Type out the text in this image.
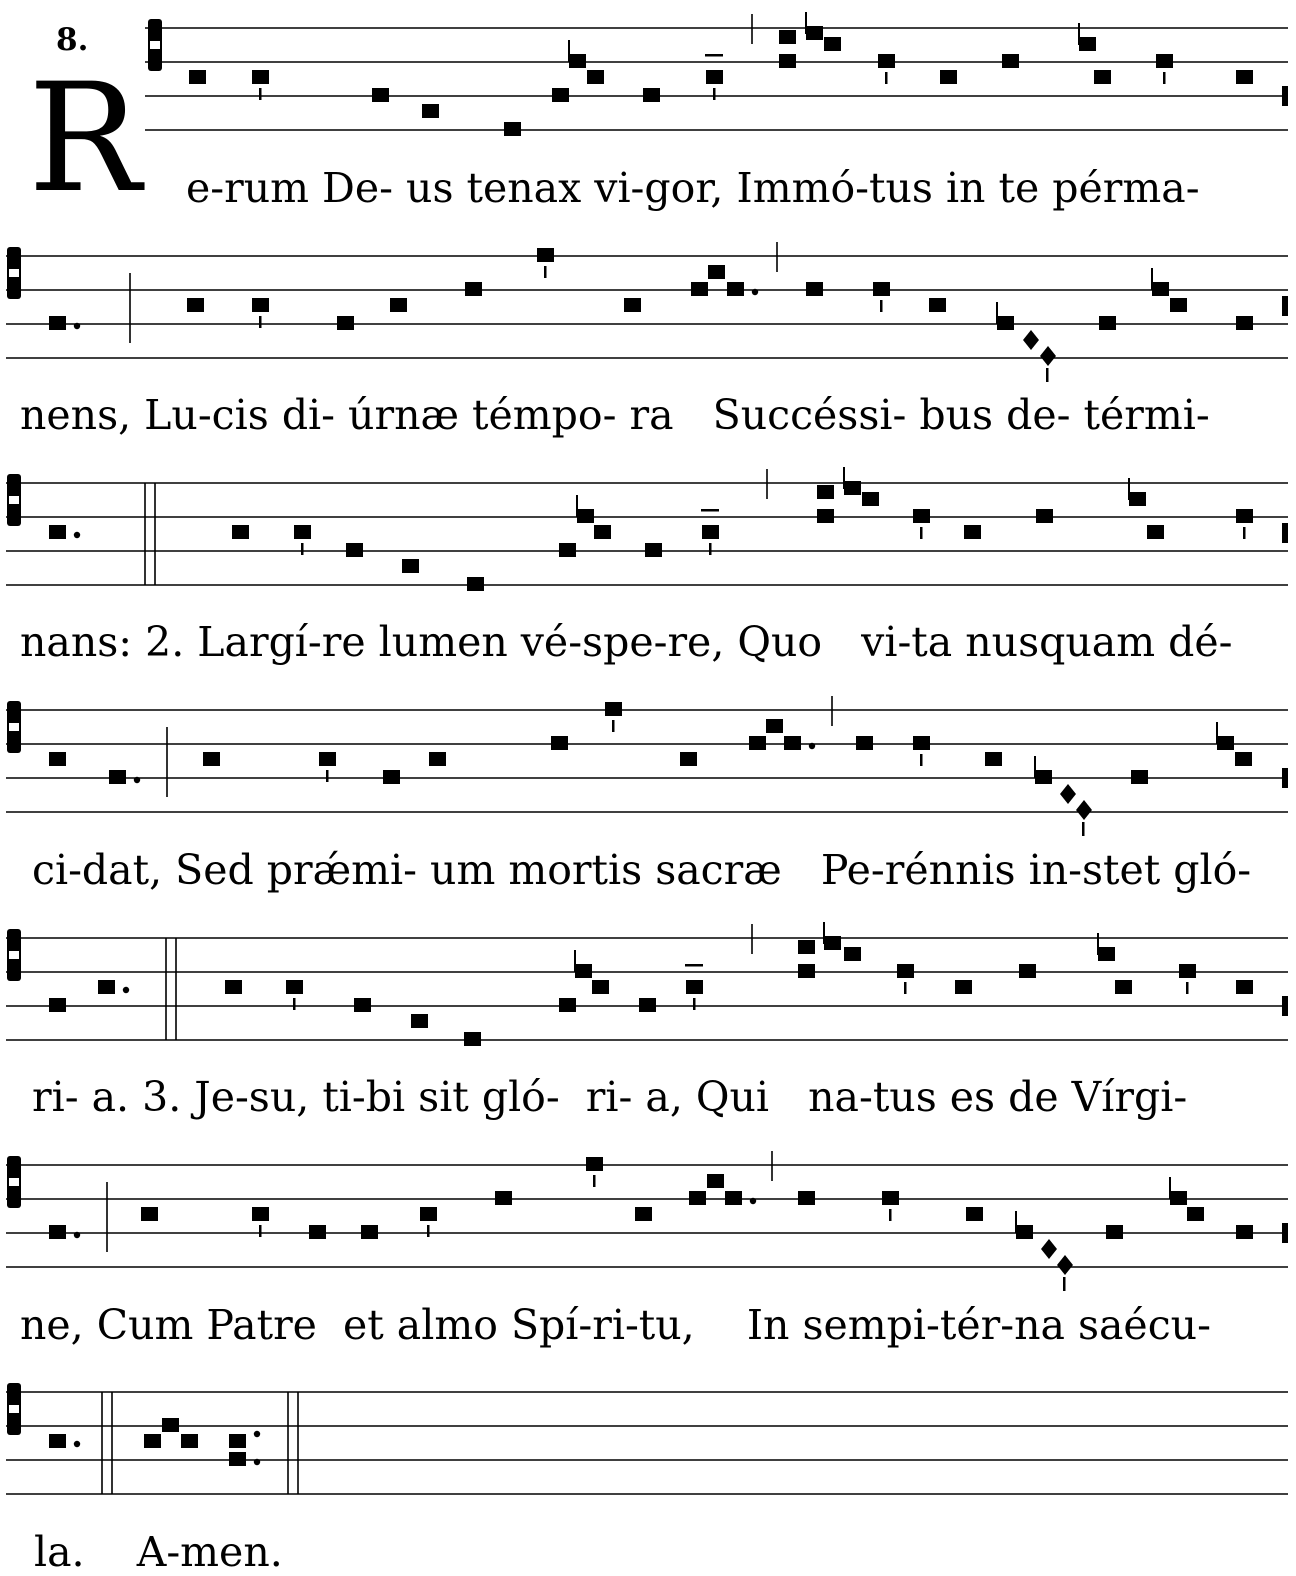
8.
R e-rum De- us tenax vi-gor, Immó-tus in te pérma-
nens, Lu-cis di- úrnæ témpo- ra   Succéssi- bus de- térmi-
nans: 2. Largí-re lumen vé-spe-re, Quo   vi-ta nusquam dé-
ci-dat, Sed prǽmi- um mortis sacræ   Pe-rénnis in-stet gló-
ri- a. 3. Je-su, ti-bi sit gló-  ri- a, Qui   na-tus es de Vírgi-
ne, Cum Patre  et almo Spí-ri-tu,    In sempi-tér-na saécu-
la.    A-men.
